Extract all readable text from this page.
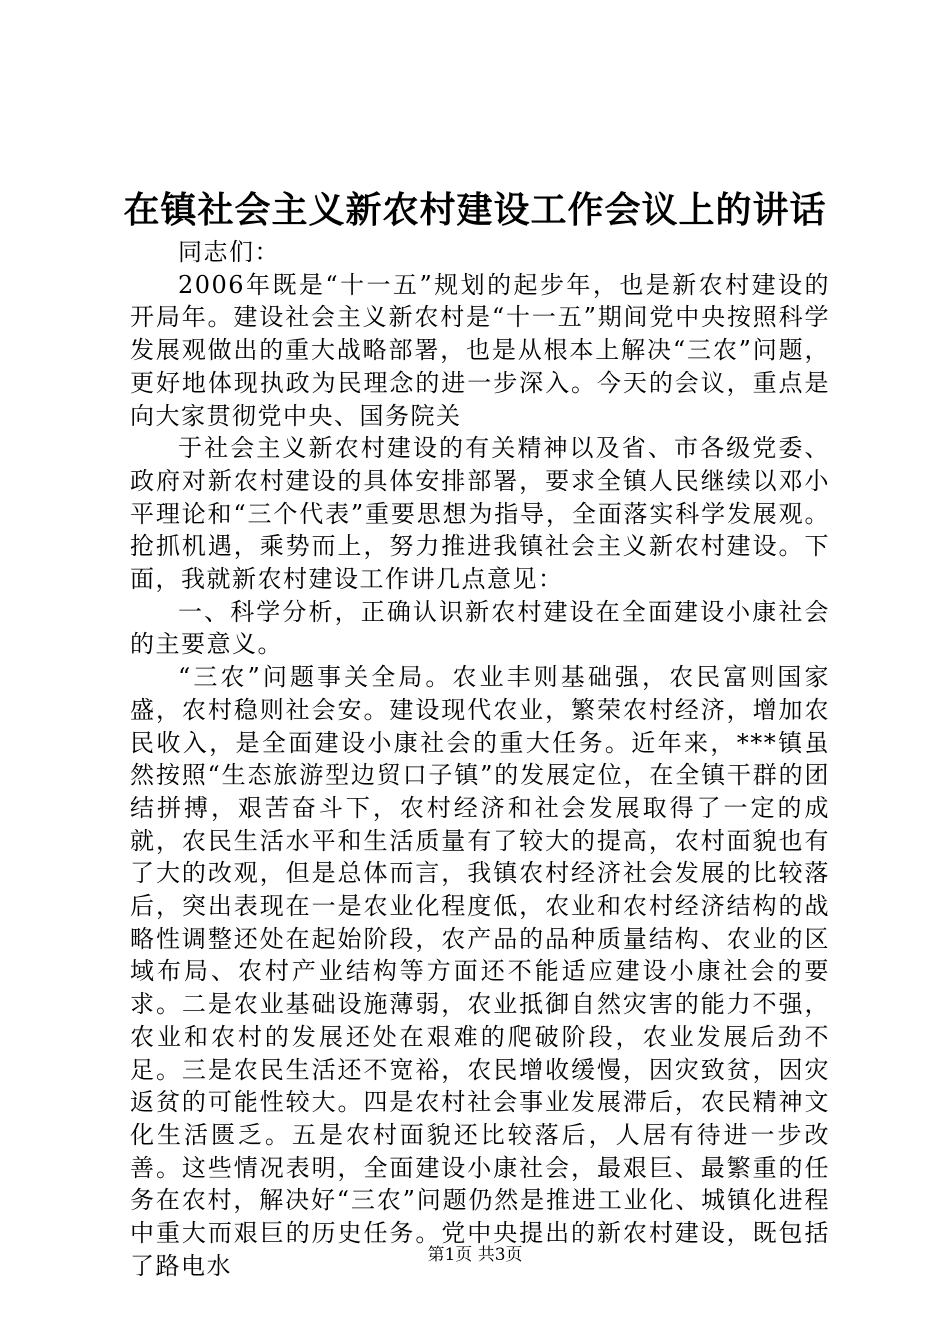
在镇社会主义新农村建设工作会议上的讲话

同志们：

2006年既是“十一五”规划的起步年，也是新农村建设的开局年。建设社会主义新农村是“十一五”期间党中央按照科学发展观做出的重大战略部署，也是从根本上解决“三农”问题，更好地体现执政为民理念的进一步深入。今天的会议，重点是向大家贯彻党中央、国务院关

于社会主义新农村建设的有关精神以及省、市各级党委、政府对新农村建设的具体安排部署，要求全镇人民继续以邓小平理论和“三个代表”重要思想为指导，全面落实科学发展观。抢抓机遇，乘势而上，努力推进我镇社会主义新农村建设。下面，我就新农村建设工作讲几点意见：

一、科学分析，正确认识新农村建设在全面建设小康社会的主要意义。

“三农”问题事关全局。农业丰则基础强，农民富则国家盛，农村稳则社会安。建设现代农业，繁荣农村经济，增加农民收入，是全面建设小康社会的重大任务。近年来，***镇虽然按照“生态旅游型边贸口子镇”的发展定位，在全镇干群的团结拼搏，艰苦奋斗下，农村经济和社会发展取得了一定的成就，农民生活水平和生活质量有了较大的提高，农村面貌也有了大的改观，但是总体而言，我镇农村经济社会发展的比较落后，突出表现在一是农业化程度低，农业和农村经济结构的战略性调整还处在起始阶段，农产品的品种质量结构、农业的区域布局、农村产业结构等方面还不能适应建设小康社会的要求。二是农业基础设施薄弱，农业抵御自然灾害的能力不强，农业和农村的发展还处在艰难的爬破阶段，农业发展后劲不足。三是农民生活还不宽裕，农民增收缓慢，因灾致贫，因灾返贫的可能性较大。四是农村社会事业发展滞后，农民精神文化生活匮乏。五是农村面貌还比较落后，人居有待进一步改善。这些情况表明，全面建设小康社会，最艰巨、最繁重的任务在农村，解决好“三农”问题仍然是推进工业化、城镇化进程中重大而艰巨的历史任务。党中央提出的新农村建设，既包括了路电水	第1页 共3页
